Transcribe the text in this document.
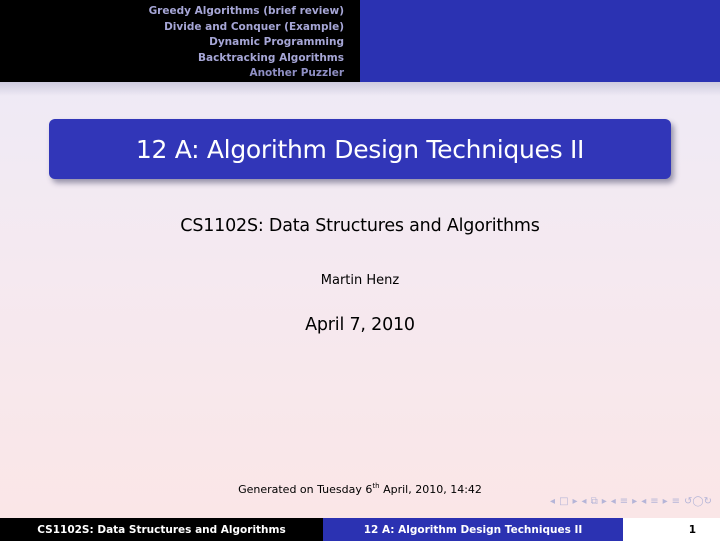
Greedy Algorithms (brief review)
Divide and Conquer (Example)
Dynamic Programming
Backtracking Algorithms
Another Puzzler
12 A: Algorithm Design Techniques II
CS1102S: Data Structures and Algorithms
Martin Henz
April 7, 2010
Generated on Tuesday 6th April, 2010, 14:42
◂ □ ▸ ◂ ⧉ ▸ ◂ ≡ ▸ ◂ ≡ ▸ ≡ ↺◯↻
CS1102S: Data Structures and Algorithms	12 A: Algorithm Design Techniques II	1
